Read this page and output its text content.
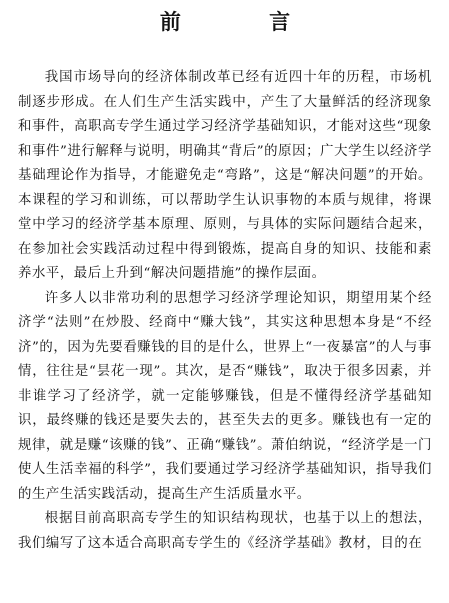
前　言

我国市场导向的经济体制改革已经有近四十年的历程，市场机制逐步形成。在人们生产生活实践中，产生了大量鲜活的经济现象和事件，高职高专学生通过学习经济学基础知识，才能对这些“现象和事件”进行解释与说明，明确其“背后”的原因；广大学生以经济学基础理论作为指导，才能避免走“弯路”，这是“解决问题”的开始。本课程的学习和训练，可以帮助学生认识事物的本质与规律，将课堂中学习的经济学基本原理、原则，与具体的实际问题结合起来，在参加社会实践活动过程中得到锻炼，提高自身的知识、技能和素养水平，最后上升到“解决问题措施”的操作层面。

许多人以非常功利的思想学习经济学理论知识，期望用某个经济学“法则”在炒股、经商中“赚大钱”，其实这种思想本身是“不经济”的，因为先要看赚钱的目的是什么，世界上“一夜暴富”的人与事情，往往是“昙花一现”。其次，是否“赚钱”，取决于很多因素，并非谁学习了经济学，就一定能够赚钱，但是不懂得经济学基础知识，最终赚的钱还是要失去的，甚至失去的更多。赚钱也有一定的规律，就是赚“该赚的钱”、正确“赚钱”。萧伯纳说，“经济学是一门使人生活幸福的科学”，我们要通过学习经济学基础知识，指导我们的生产生活实践活动，提高生产生活质量水平。

根据目前高职高专学生的知识结构现状，也基于以上的想法，我们编写了这本适合高职高专学生的《经济学基础》教材，目的在
